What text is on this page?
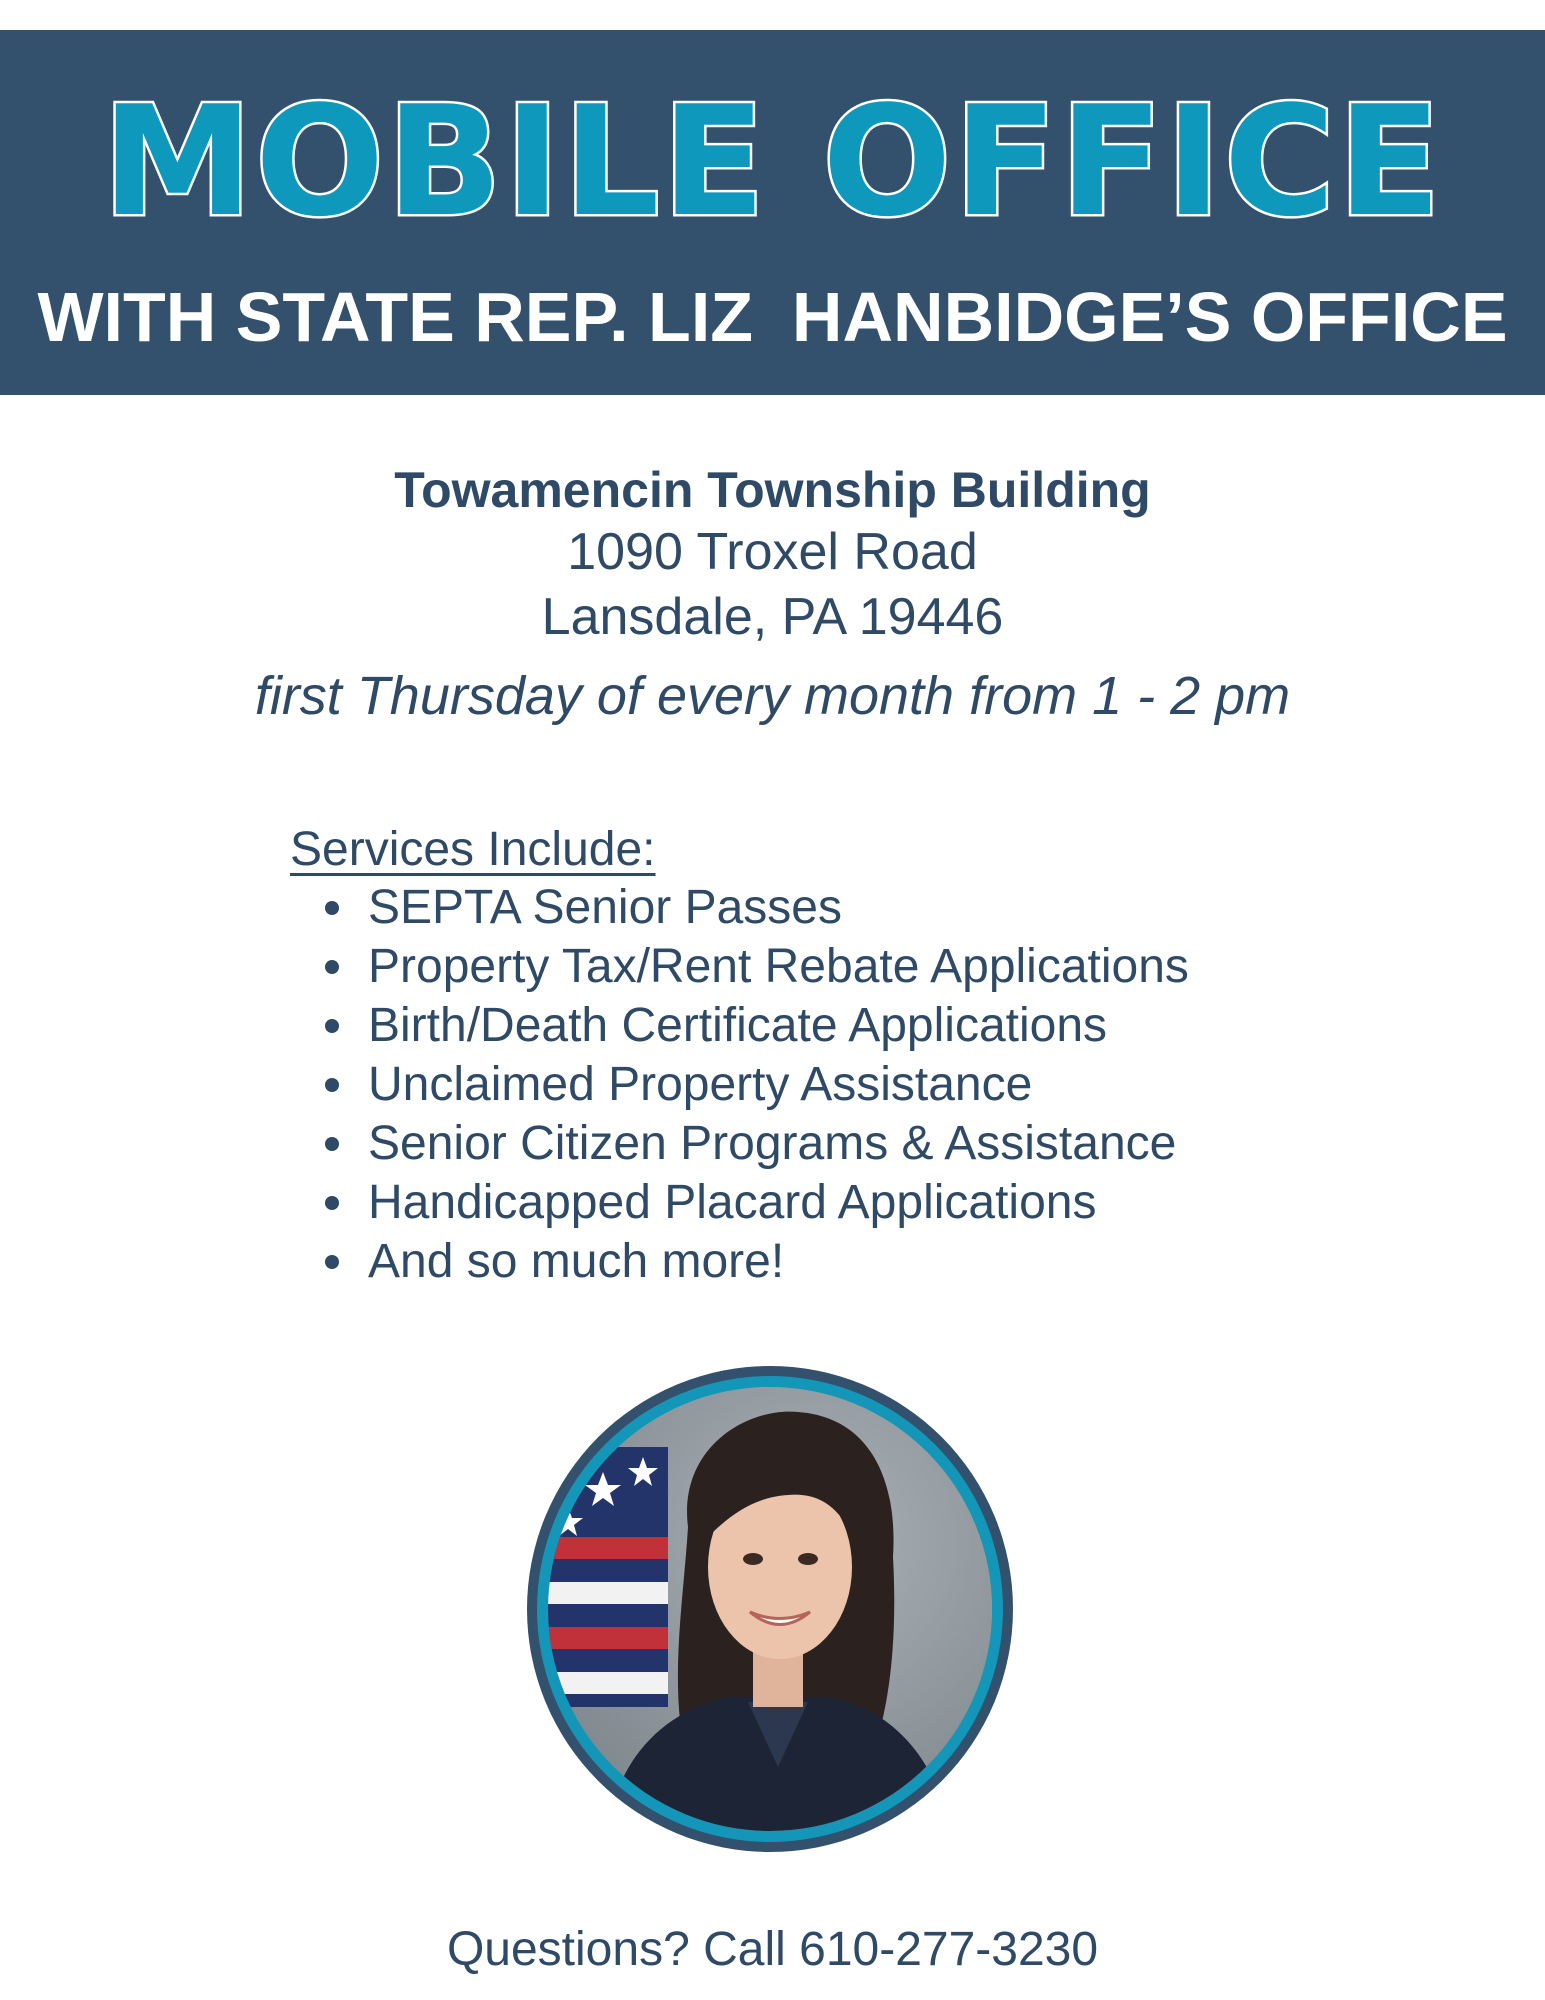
MOBILE OFFICE
WITH STATE REP. LIZ  HANBIDGE’S OFFICE
Towamencin Township Building
1090 Troxel Road
Lansdale, PA 19446
first Thursday of every month from 1 - 2 pm
Services Include:
SEPTA Senior Passes
Property Tax/Rent Rebate Applications
Birth/Death Certificate Applications
Unclaimed Property Assistance
Senior Citizen Programs & Assistance
Handicapped Placard Applications
And so much more!
Questions? Call 610-277-3230
